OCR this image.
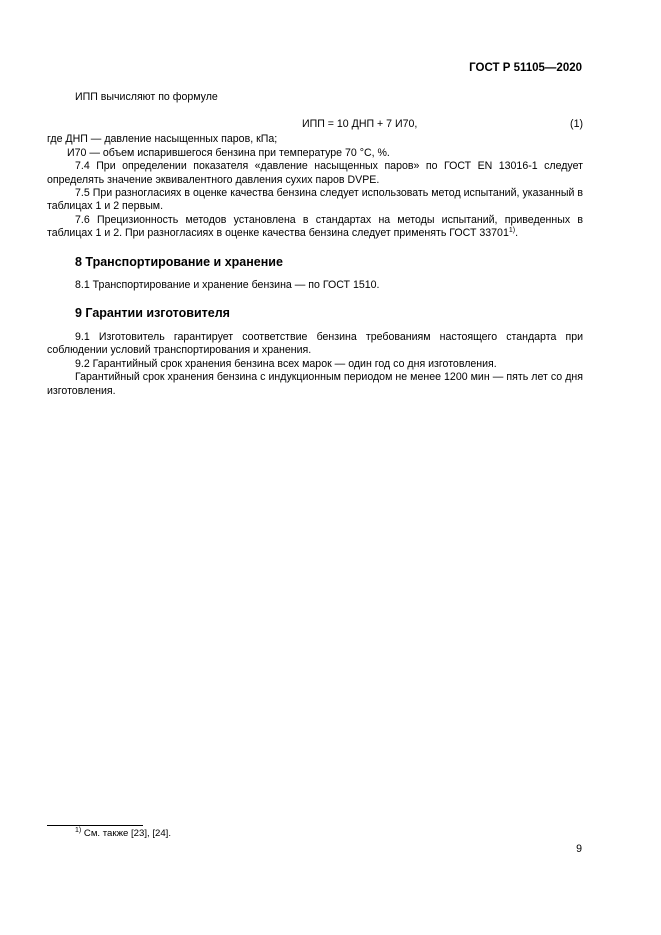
ГОСТ Р 51105—2020

ИПП вычисляют по формуле

ИПП = 10 ДНП + 7 И70,	(1)

где ДНП — давление насыщенных паров, кПа;

И70 — объем испарившегося бензина при температуре 70 °С, %.

7.4 При определении показателя «давление насыщенных паров» по ГОСТ EN 13016-1 следует определять значение эквивалентного давления сухих паров DVPE.

7.5 При разногласиях в оценке качества бензина следует использовать метод испытаний, указанный в таблицах 1 и 2 первым.

7.6 Прецизионность методов установлена в стандартах на методы испытаний, приведенных в таблицах 1 и 2. При разногласиях в оценке качества бензина следует применять ГОСТ 33701$^{1)}$.

8 Транспортирование и хранение

8.1 Транспортирование и хранение бензина — по ГОСТ 1510.

9 Гарантии изготовителя

9.1 Изготовитель гарантирует соответствие бензина требованиям настоящего стандарта при соблюдении условий транспортирования и хранения.

9.2 Гарантийный срок хранения бензина всех марок — один год со дня изготовления.

Гарантийный срок хранения бензина с индукционным периодом не менее 1200 мин — пять лет со дня изготовления.

$^{1)}$ См. также [23], [24].
9
